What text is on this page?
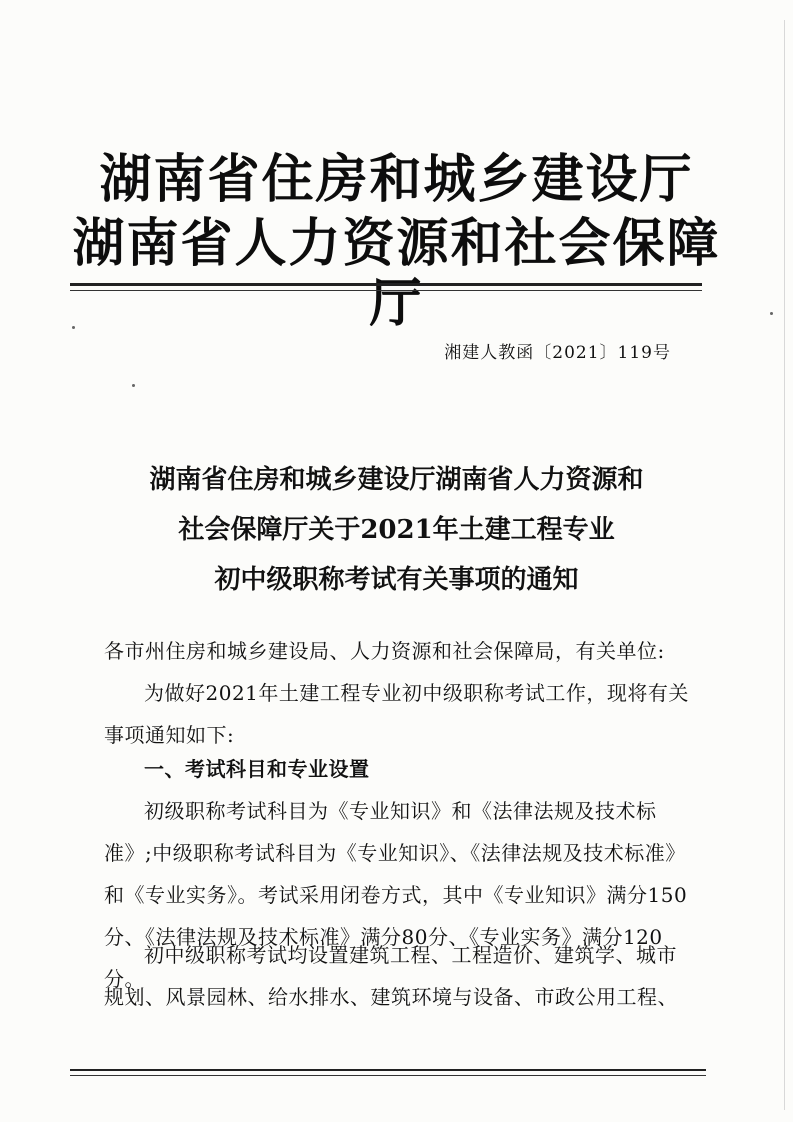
湖南省住房和城乡建设厅
湖南省人力资源和社会保障厅
湘建人教函〔2021〕119号
湖南省住房和城乡建设厅湖南省人力资源和
社会保障厅关于2021年土建工程专业
初中级职称考试有关事项的通知
各市州住房和城乡建设局、人力资源和社会保障局，有关单位:
为做好2021年土建工程专业初中级职称考试工作，现将有关事项通知如下:
一、考试科目和专业设置
初级职称考试科目为《专业知识》和《法律法规及技术标准》;中级职称考试科目为《专业知识》、《法律法规及技术标准》和《专业实务》。考试采用闭卷方式，其中《专业知识》满分150分、《法律法规及技术标准》满分80分、《专业实务》满分120分。
初中级职称考试均设置建筑工程、工程造价、建筑学、城市规划、风景园林、给水排水、建筑环境与设备、市政公用工程、
